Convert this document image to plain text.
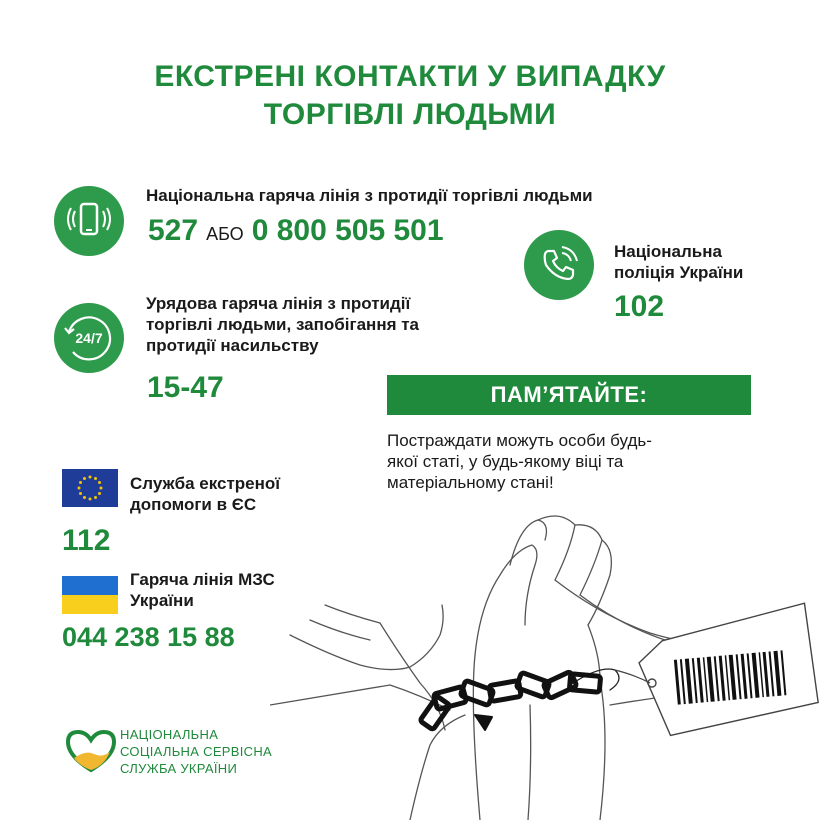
ЕКСТРЕНІ КОНТАКТИ У ВИПАДКУ
ТОРГІВЛІ ЛЮДЬМИ
Національна гаряча лінія з протидії торгівлі людьми
527 АБО 0 800 505 501
Національна
поліція України
102
24/7
Урядова гаряча лінія з протидії
торгівлі людьми, запобігання та
протидії насильству
15-47	ПАМ’ЯТАЙТЕ:
Постраждати можуть особи будь-
якої статі, у будь-якому віці та
матеріальному стані!
Служба екстреної
допомоги в ЄС
112
Гаряча лінія МЗС
України
044 238 15 88
НАЦІОНАЛЬНА
СОЦІАЛЬНА СЕРВІСНА
СЛУЖБА УКРАЇНИ
